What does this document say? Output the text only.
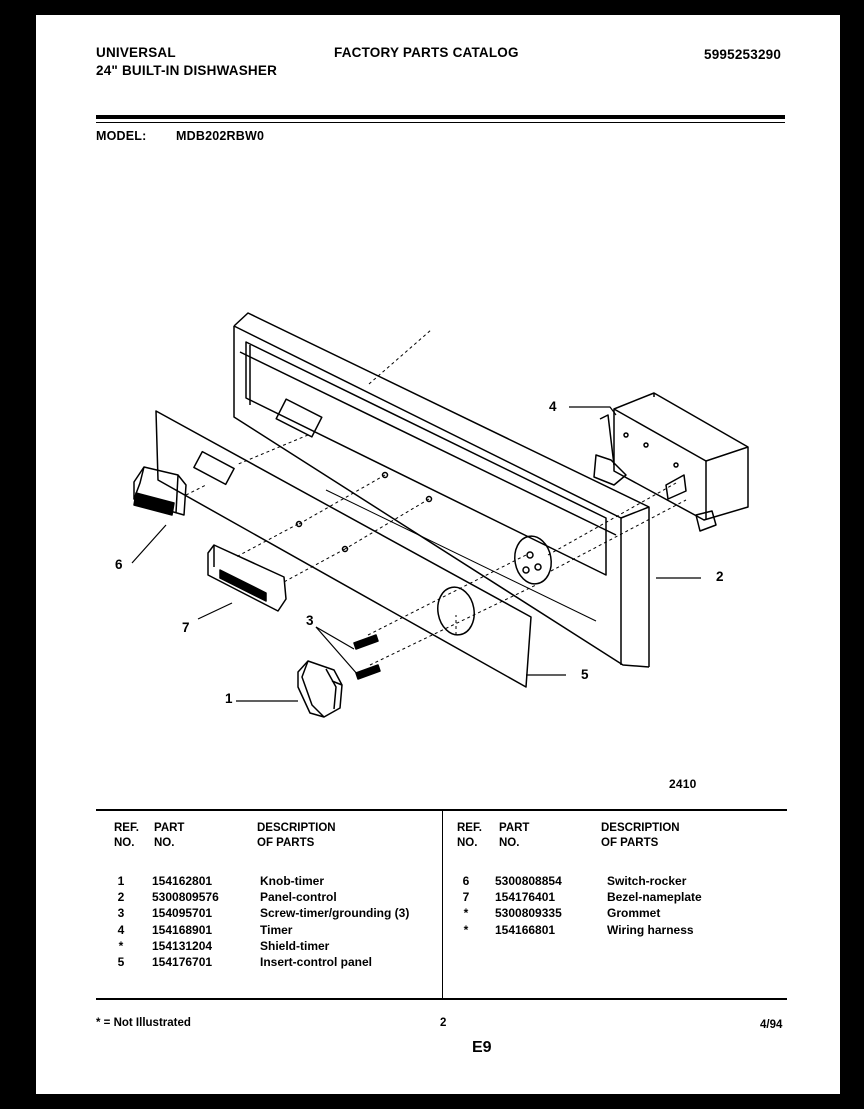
UNIVERSAL
24" BUILT-IN DISHWASHER
FACTORY PARTS CATALOG	5995253290
MODEL: MDB202RBW0
1
2
3
4
5
6
7
2410
REF.
NO.
PART
NO.
DESCRIPTION
OF PARTS
REF.
NO.
PART
NO.
DESCRIPTION
OF PARTS
1	154162801	Knob-timer
2	5300809576	Panel-control
3	154095701	Screw-timer/grounding (3)
4	154168901	Timer
*	154131204	Shield-timer
5	154176701	Insert-control panel
6	5300808854	Switch-rocker
7	154176401	Bezel-nameplate
*	5300809335	Grommet
*	154166801	Wiring harness
* = Not Illustrated	2	4/94
E9
